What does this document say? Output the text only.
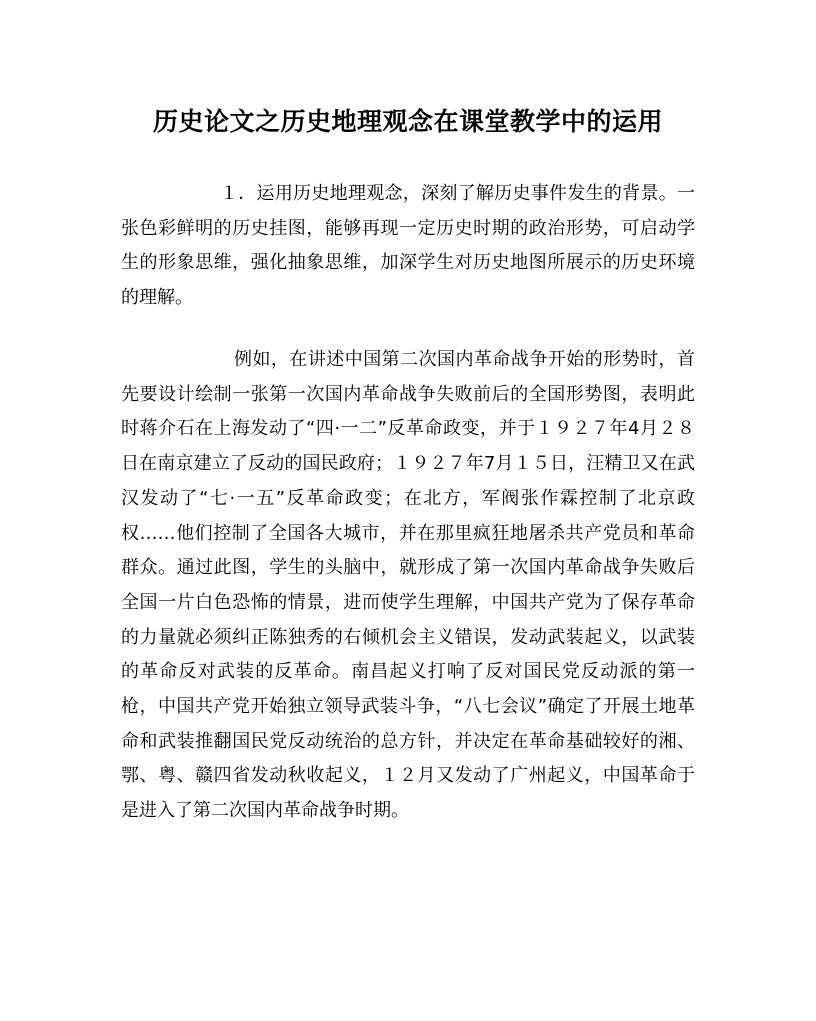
历史论文之历史地理观念在课堂教学中的运用

１．运用历史地理观念，深刻了解历史事件发生的背景。一张色彩鲜明的历史挂图，能够再现一定历史时期的政治形势，可启动学生的形象思维，强化抽象思维，加深学生对历史地图所展示的历史环境的理解。

例如，在讲述中国第二次国内革命战争开始的形势时，首先要设计绘制一张第一次国内革命战争失败前后的全国形势图，表明此时蒋介石在上海发动了“四·一二”反革命政变，并于１９２７年4月２８日在南京建立了反动的国民政府；１９２７年7月１５日，汪精卫又在武汉发动了“七·一五”反革命政变；在北方，军阀张作霖控制了北京政权……他们控制了全国各大城市，并在那里疯狂地屠杀共产党员和革命群众。通过此图，学生的头脑中，就形成了第一次国内革命战争失败后全国一片白色恐怖的情景，进而使学生理解，中国共产党为了保存革命的力量就必须纠正陈独秀的右倾机会主义错误，发动武装起义，以武装的革命反对武装的反革命。南昌起义打响了反对国民党反动派的第一枪，中国共产党开始独立领导武装斗争，“八七会议”确定了开展土地革命和武装推翻国民党反动统治的总方针，并决定在革命基础较好的湘、鄂、粤、赣四省发动秋收起义，１２月又发动了广州起义，中国革命于是进入了第二次国内革命战争时期。
